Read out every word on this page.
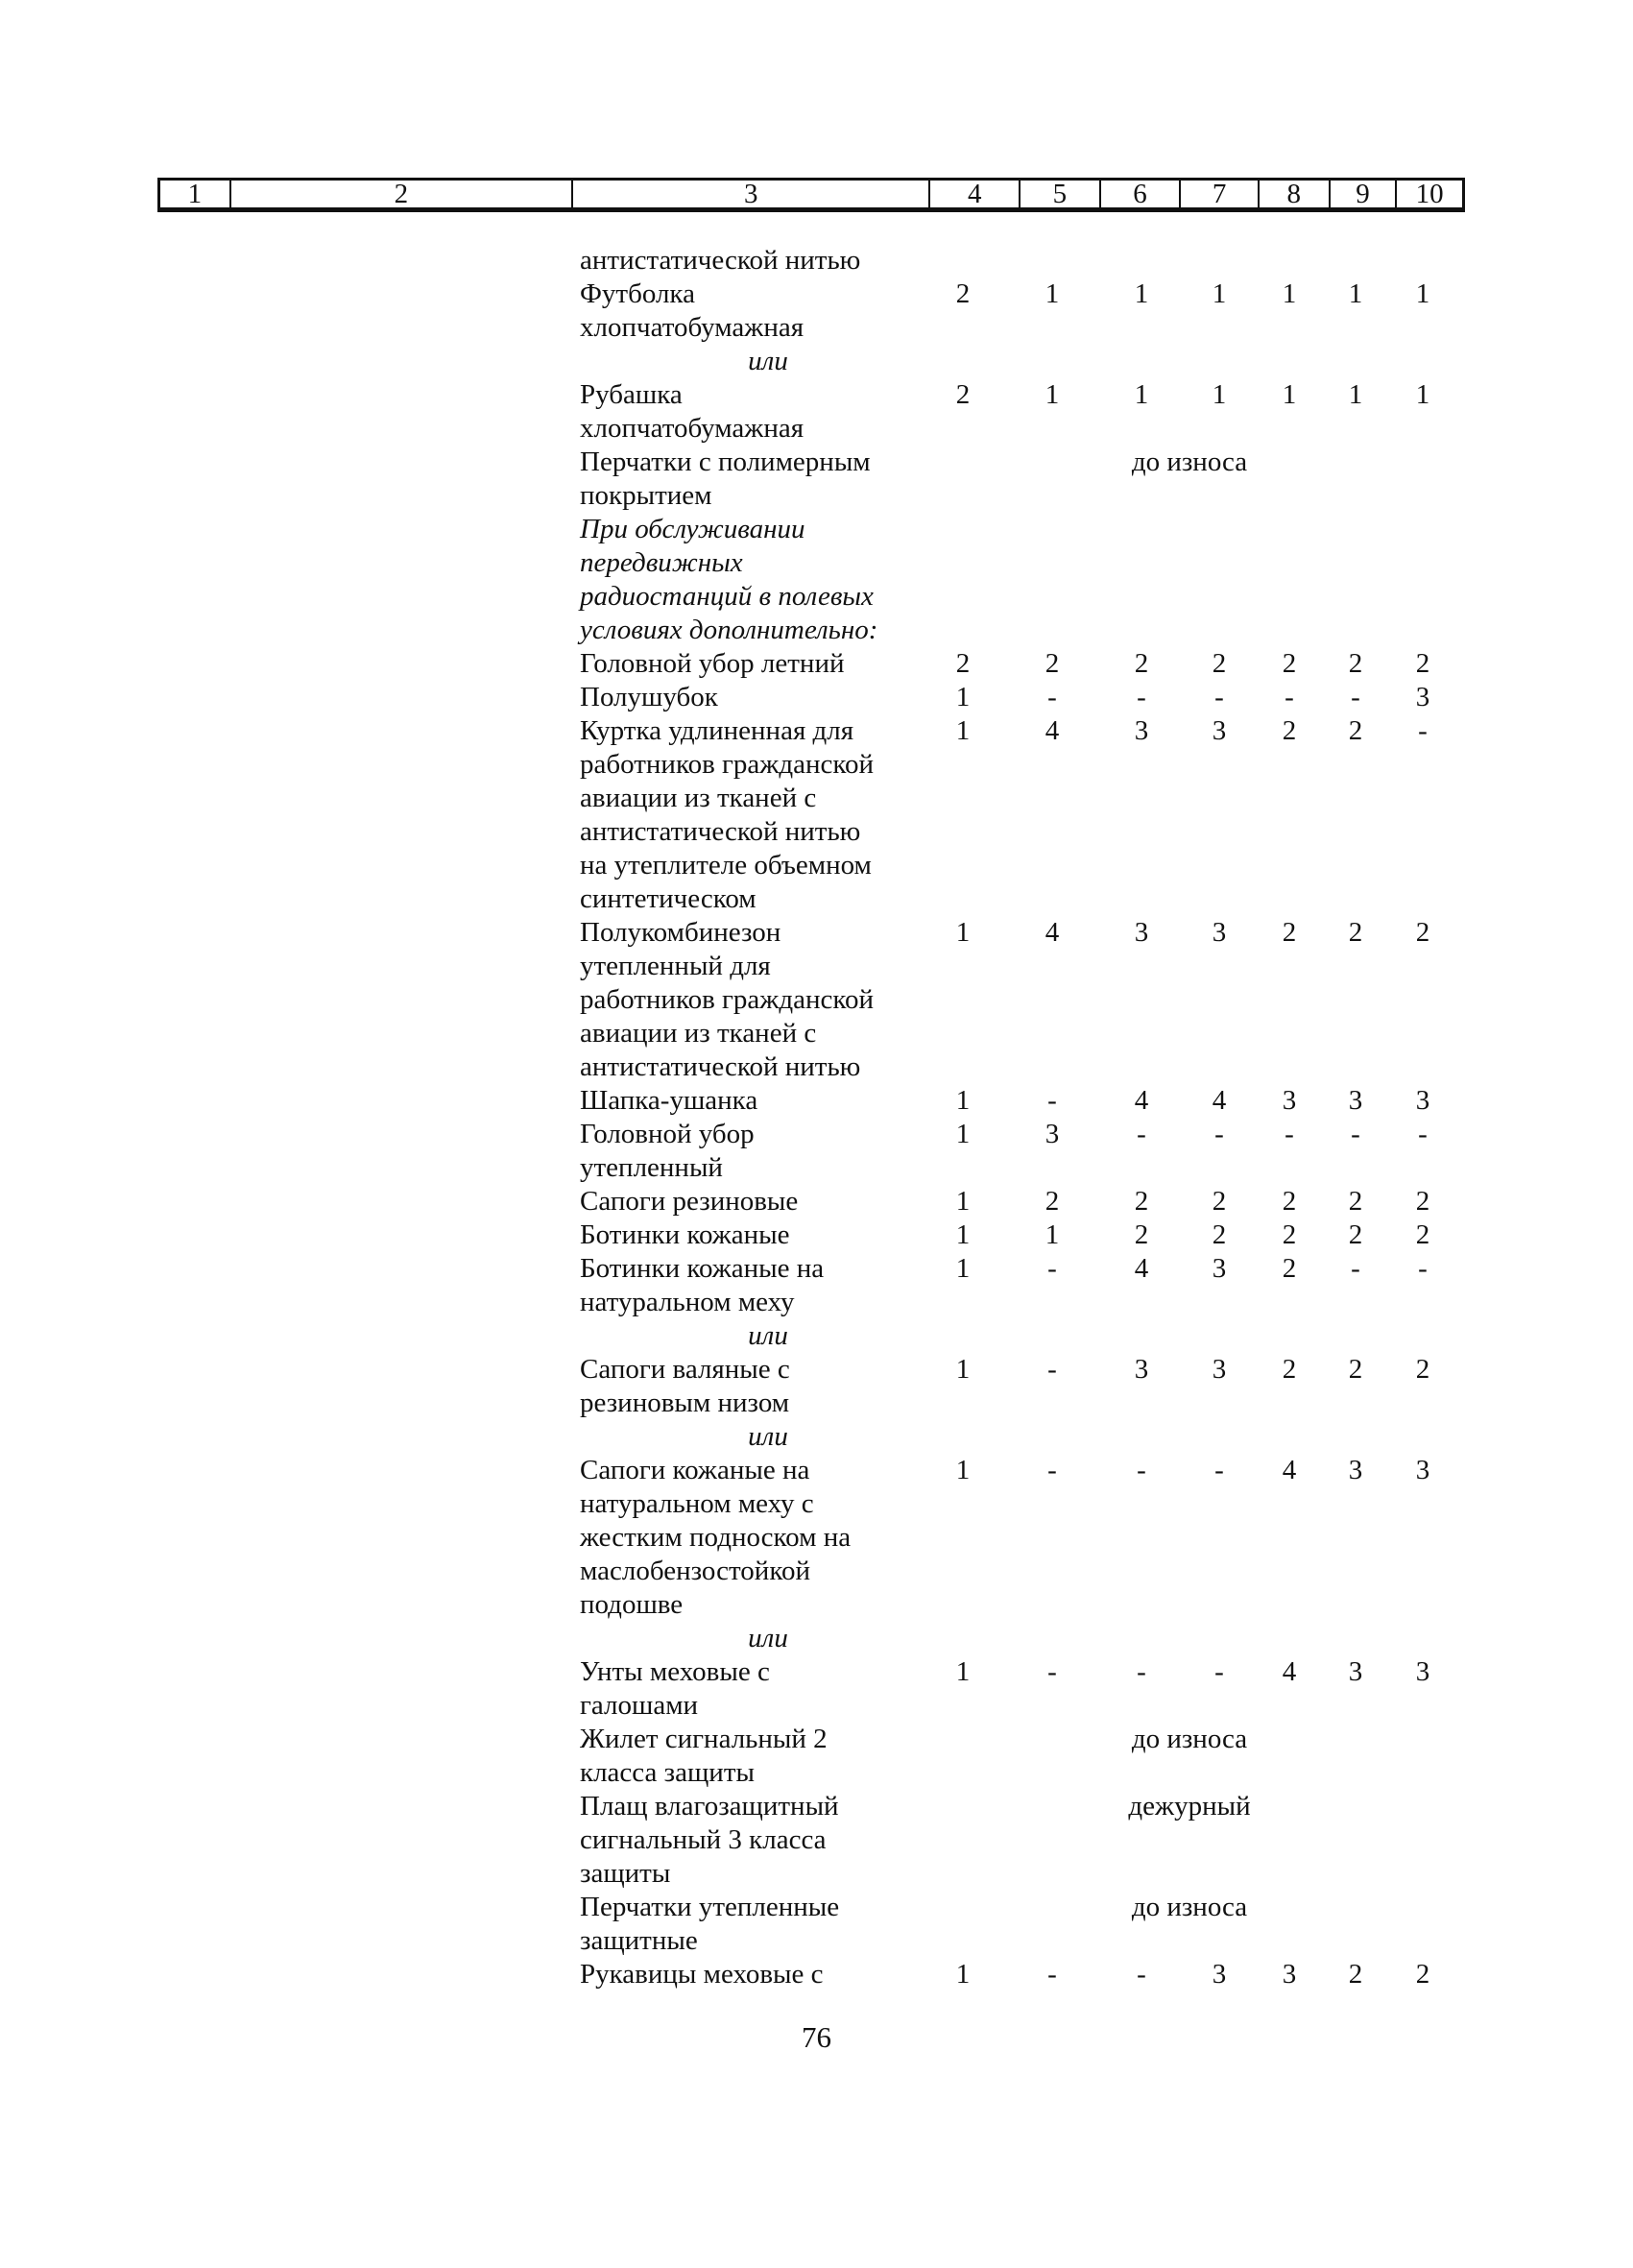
1	2	3	4	5	6	7	8	9	10
антистатической нитью
Футболка	2	1	1	1	1	1	1
хлопчатобумажная
или
Рубашка	2	1	1	1	1	1	1
хлопчатобумажная
Перчатки с полимерным	до износа
покрытием
При обслуживании
передвижных
радиостанций в полевых
условиях дополнительно:
Головной убор летний	2	2	2	2	2	2	2
Полушубок	1	-	-	-	-	-	3
Куртка удлиненная для	1	4	3	3	2	2	-
работников гражданской
авиации из тканей с
антистатической нитью
на утеплителе объемном
синтетическом
Полукомбинезон	1	4	3	3	2	2	2
утепленный для
работников гражданской
авиации из тканей с
антистатической нитью
Шапка-ушанка	1	-	4	4	3	3	3
Головной убор	1	3	-	-	-	-	-
утепленный
Сапоги резиновые	1	2	2	2	2	2	2
Ботинки кожаные	1	1	2	2	2	2	2
Ботинки кожаные на	1	-	4	3	2	-	-
натуральном меху
или
Сапоги валяные с	1	-	3	3	2	2	2
резиновым низом
или
Сапоги кожаные на	1	-	-	-	4	3	3
натуральном меху с
жестким подноском на
маслобензостойкой
подошве
или
Унты меховые с	1	-	-	-	4	3	3
галошами
Жилет сигнальный 2	до износа
класса защиты
Плащ влагозащитный	дежурный
сигнальный 3 класса
защиты
Перчатки утепленные	до износа
защитные
Рукавицы меховые с	1	-	-	3	3	2	2
76
